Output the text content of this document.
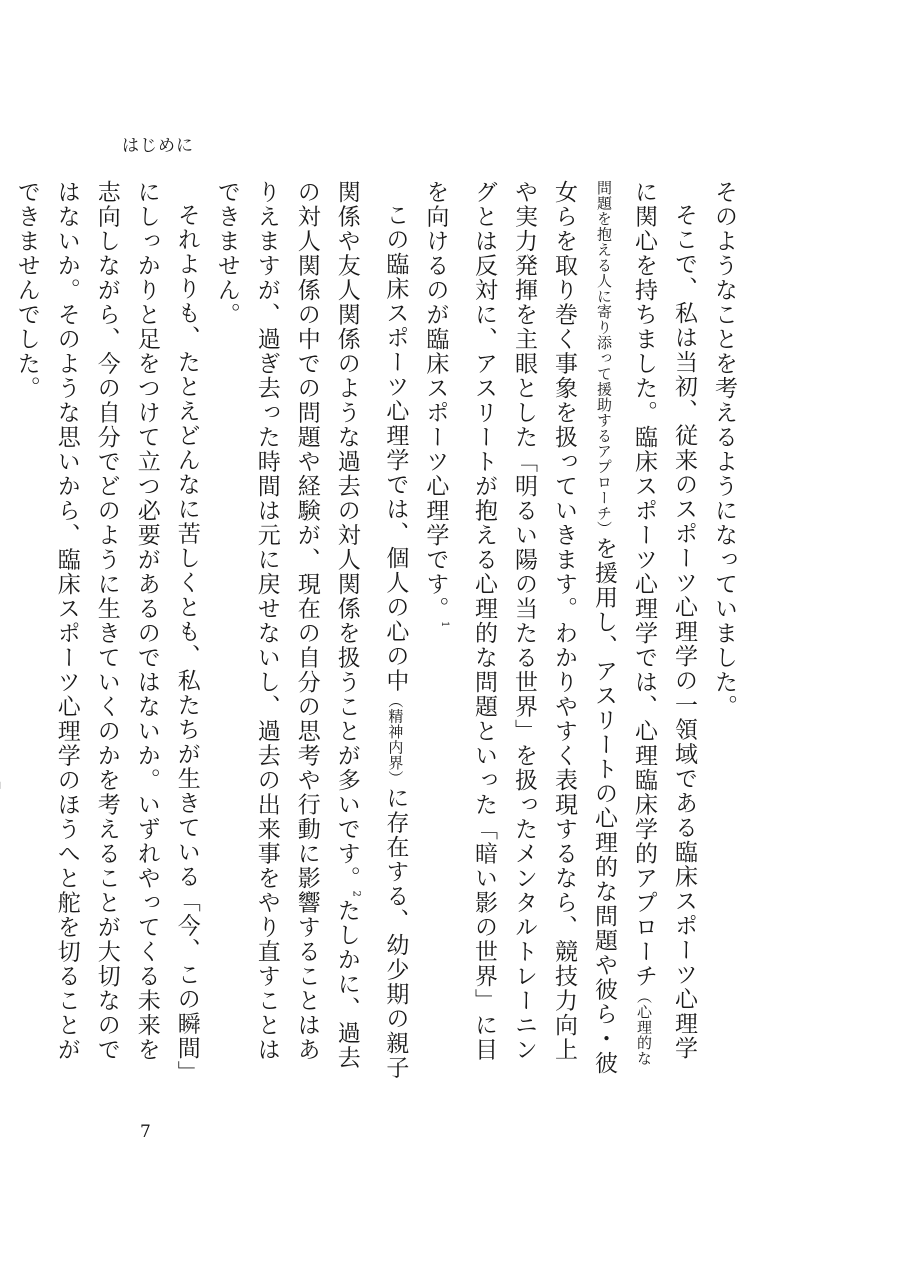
はじめに

そのようなことを考えるようになっていました。

そこで、私は当初、従来のスポーツ心理学の一領域である臨床スポーツ心理学に関心を持ちました。臨床スポーツ心理学では、心理臨床学的アプローチ（心理的な問題を抱える人に寄り添って援助するアプローチ）を援用し、アスリートの心理的な問題や彼ら・彼女らを取り巻く事象を扱っていきます。わかりやすく表現するなら、競技力向上や実力発揮を主眼とした「明るい陽の当たる世界」を扱ったメンタルトレーニングとは反対に、アスリートが抱える心理的な問題といった「暗い影の世界」に目を向けるのが臨床スポーツ心理学です。$^1$

この臨床スポーツ心理学では、個人の心の中（精神内界）に存在する、幼少期の親子関係や友人関係のような過去の対人関係を扱うことが多いです。$^2$たしかに、過去の対人関係の中での問題や経験が、現在の自分の思考や行動に影響することはありえますが、過ぎ去った時間は元に戻せないし、過去の出来事をやり直すことはできません。

それよりも、たとえどんなに苦しくとも、私たちが生きている「今、この瞬間」にしっかりと足をつけて立つ必要があるのではないか。いずれやってくる未来を志向しながら、今の自分でどのように生きていくのかを考えることが大切なのではないか。そのような思いから、臨床スポーツ心理学のほうへと舵を切ることができませんでした。

7
